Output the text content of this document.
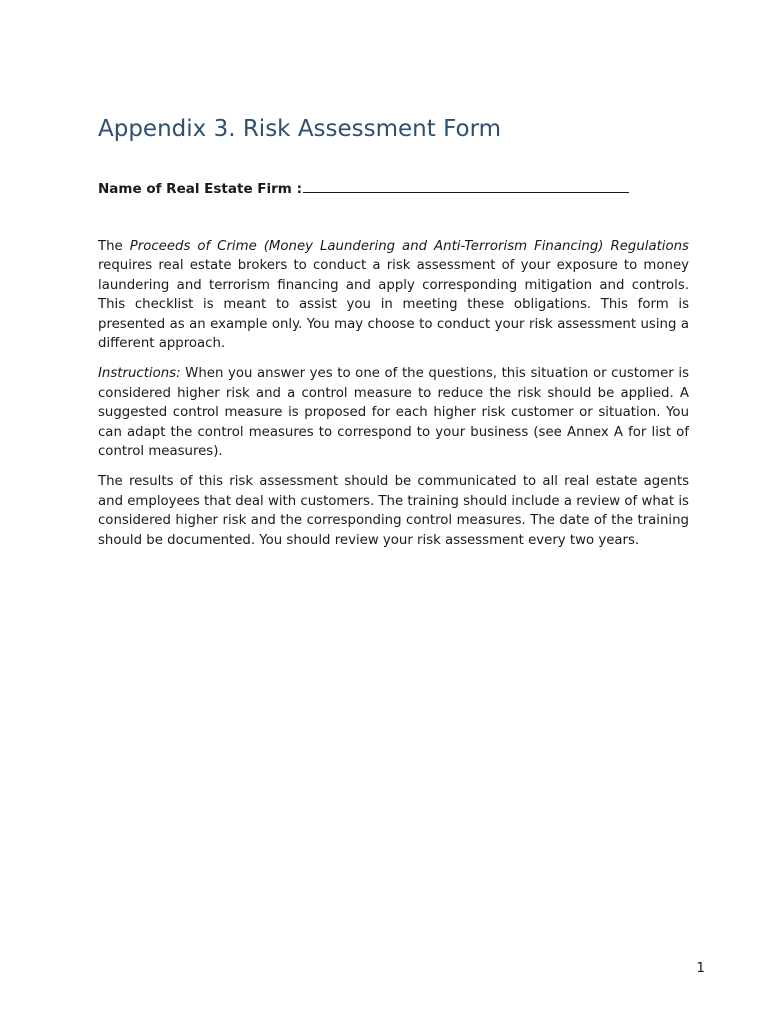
Appendix 3. Risk Assessment Form
Name of Real Estate Firm :

The Proceeds of Crime (Money Laundering and Anti-Terrorism Financing) Regulations requires real estate brokers to conduct a risk assessment of your exposure to money laundering and terrorism financing and apply corresponding mitigation and controls. This checklist is meant to assist you in meeting these obligations. This form is presented as an example only. You may choose to conduct your risk assessment using a different approach.

Instructions: When you answer yes to one of the questions, this situation or customer is considered higher risk and a control measure to reduce the risk should be applied. A suggested control measure is proposed for each higher risk customer or situation. You can adapt the control measures to correspond to your business (see Annex A for list of control measures).

The results of this risk assessment should be communicated to all real estate agents and employees that deal with customers. The training should include a review of what is considered higher risk and the corresponding control measures. The date of the training should be documented. You should review your risk assessment every two years.

1
